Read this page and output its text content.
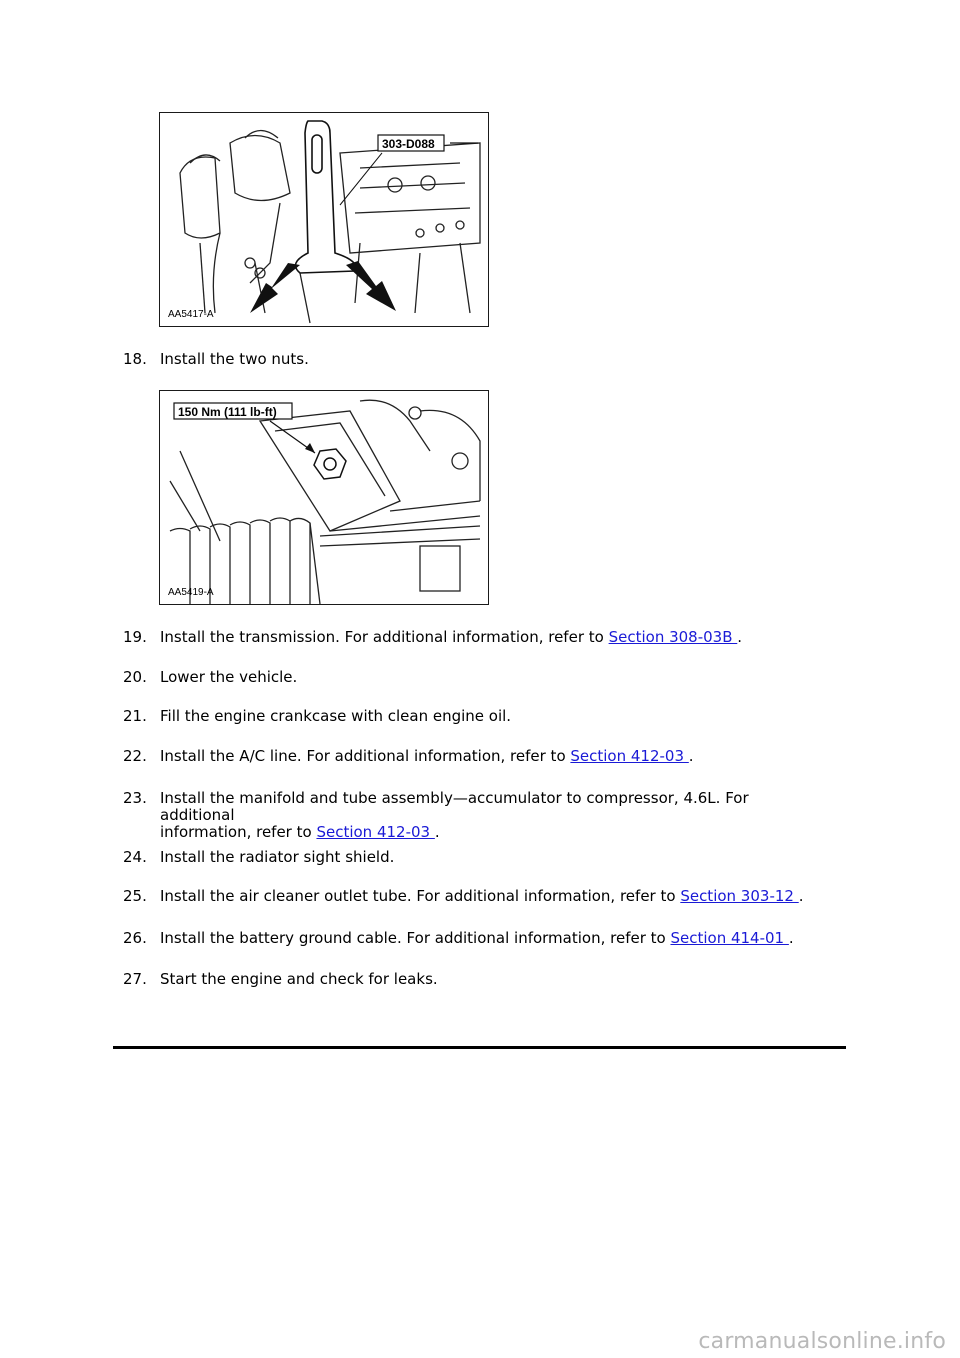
303-D088
AA5417-A
18. Install the two nuts.
150 Nm (111 lb-ft)
AA5419-A
19. Install the transmission. For additional information, refer to Section 308-03B .
20. Lower the vehicle.
21. Fill the engine crankcase with clean engine oil.
22. Install the A/C line. For additional information, refer to Section 412-03 .
23. Install the manifold and tube assembly—accumulator to compressor, 4.6L. For additional
information, refer to Section 412-03 .
24. Install the radiator sight shield.
25. Install the air cleaner outlet tube. For additional information, refer to Section 303-12 .
26. Install the battery ground cable. For additional information, refer to Section 414-01 .
27. Start the engine and check for leaks.
carmanualsonline.info
